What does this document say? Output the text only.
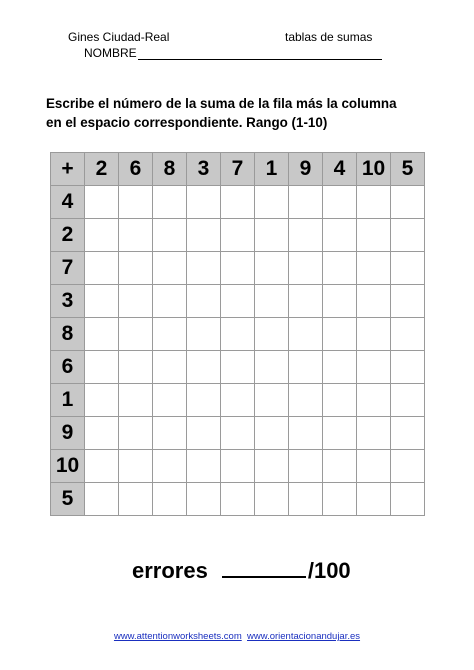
Gines Ciudad-Real	tablas de sumas
NOMBRE
Escribe el número de la suma de la fila más la columna
en el espacio correspondiente. Rango (1-10)
+	2	6	8	3	7	1	9	4	10	5
4										
2										
7										
3										
8										
6										
1										
9										
10										
5										
errores	/100
www.attentionworksheets.com www.orientacionandujar.es
